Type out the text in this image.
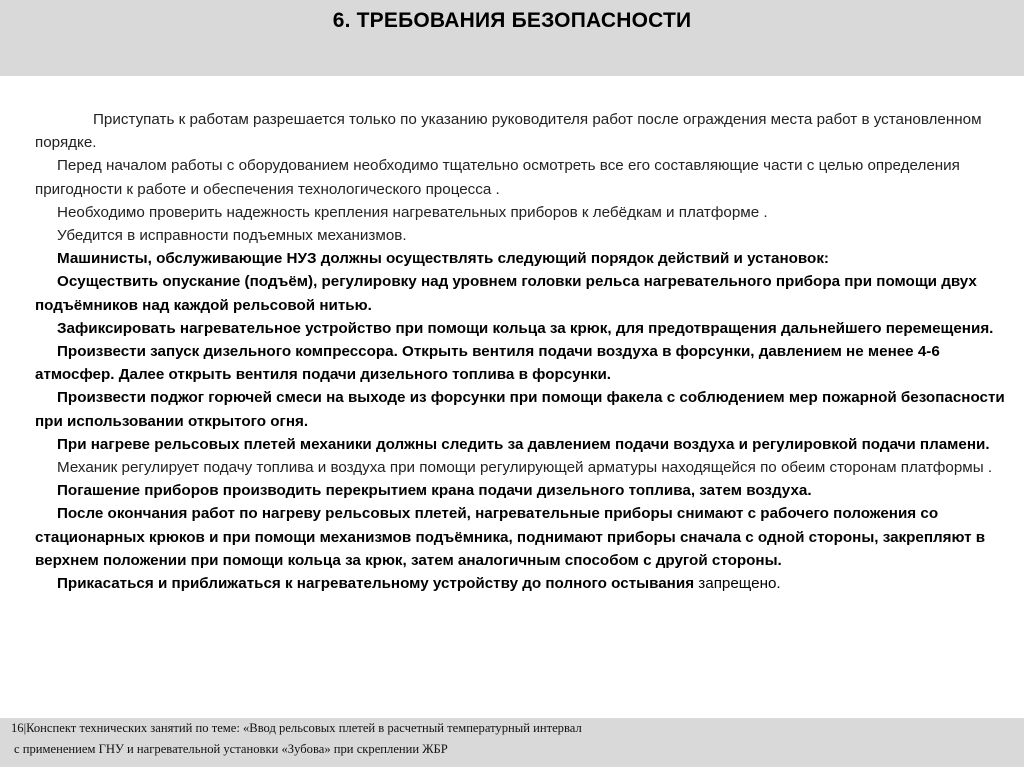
6. ТРЕБОВАНИЯ БЕЗОПАСНОСТИ

Приступать к работам разрешается только по указанию руководителя работ после ограждения места работ в установленном порядке.

Перед началом работы с оборудованием необходимо тщательно осмотреть все его составляющие части с целью определения пригодности к работе и обеспечения технологического процесса .

Необходимо проверить надежность крепления нагревательных приборов к лебёдкам и платформе .

Убедится в исправности подъемных механизмов.

Машинисты, обслуживающие НУЗ должны осуществлять следующий порядок действий и установок:

Осуществить опускание (подъём), регулировку над уровнем головки рельса нагревательного прибора при помощи двух подъёмников над каждой рельсовой нитью.

Зафиксировать нагревательное устройство при помощи кольца за крюк, для предотвращения дальнейшего перемещения.

Произвести запуск дизельного компрессора. Открыть вентиля подачи воздуха в форсунки, давлением не менее 4-6 атмосфер. Далее открыть вентиля подачи дизельного топлива в форсунки.

Произвести поджог горючей смеси на выходе из форсунки при помощи факела с соблюдением мер пожарной безопасности при использовании открытого огня.

При нагреве рельсовых плетей механики должны следить за давлением подачи воздуха и регулировкой подачи пламени.

Механик регулирует подачу топлива и воздуха при помощи регулирующей арматуры находящейся по обеим сторонам платформы .

Погашение приборов производить перекрытием крана подачи дизельного топлива, затем воздуха.

После окончания работ по нагреву рельсовых плетей, нагревательные приборы снимают с рабочего положения со стационарных крюков и при помощи механизмов подъёмника, поднимают приборы сначала с одной стороны, закрепляют в верхнем положении при помощи кольца за крюк, затем аналогичным способом с другой стороны.

Прикасаться и приближаться к нагревательному устройству до полного остывания запрещено.

16|Конспект технических занятий по теме: «Ввод рельсовых плетей в расчетный температурный интервал
с применением ГНУ и нагревательной установки «Зубова» при скреплении ЖБР
